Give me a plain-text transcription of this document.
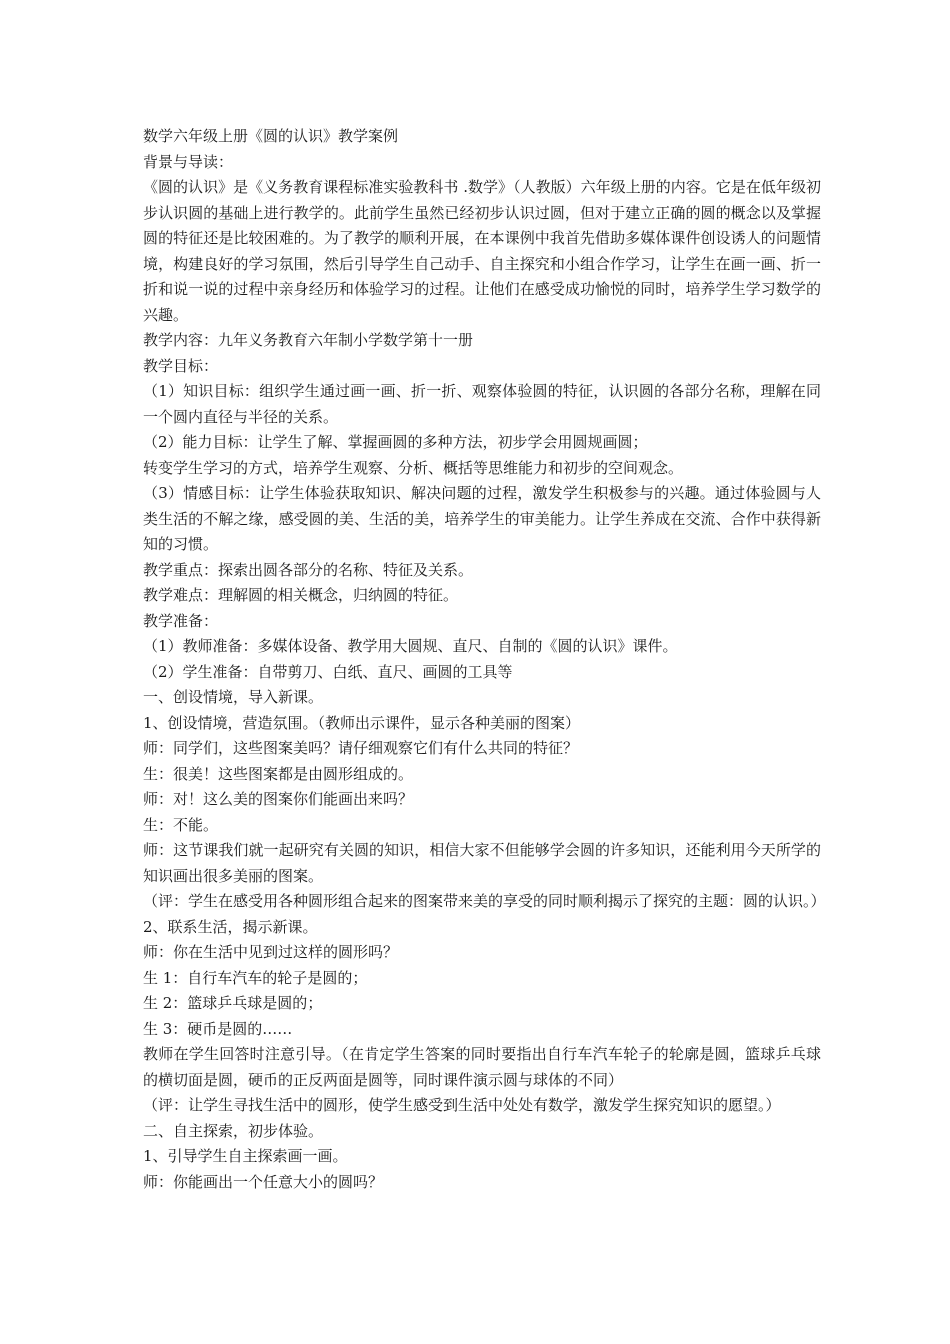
数学六年级上册《圆的认识》教学案例

背景与导读：

《圆的认识》是《义务教育课程标准实验教科书 .数学》（人教版）六年级上册的内容。它是在低年级初步认识圆的基础上进行教学的。此前学生虽然已经初步认识过圆，但对于建立正确的圆的概念以及掌握圆的特征还是比较困难的。为了教学的顺利开展，在本课例中我首先借助多媒体课件创设诱人的问题情境，构建良好的学习氛围，然后引导学生自己动手、自主探究和小组合作学习，让学生在画一画、折一折和说一说的过程中亲身经历和体验学习的过程。让他们在感受成功愉悦的同时，培养学生学习数学的兴趣。

教学内容：九年义务教育六年制小学数学第十一册

教学目标：

（1）知识目标：组织学生通过画一画、折一折、观察体验圆的特征，认识圆的各部分名称，理解在同一个圆内直径与半径的关系。

（2）能力目标：让学生了解、掌握画圆的多种方法，初步学会用圆规画圆；

转变学生学习的方式，培养学生观察、分析、概括等思维能力和初步的空间观念。

（3）情感目标：让学生体验获取知识、解决问题的过程，激发学生积极参与的兴趣。通过体验圆与人类生活的不解之缘，感受圆的美、生活的美，培养学生的审美能力。让学生养成在交流、合作中获得新知的习惯。

教学重点：探索出圆各部分的名称、特征及关系。

教学难点：理解圆的相关概念，归纳圆的特征。

教学准备：

（1）教师准备：多媒体设备、教学用大圆规、直尺、自制的《圆的认识》课件。

（2）学生准备：自带剪刀、白纸、直尺、画圆的工具等

一、创设情境，导入新课。

1、创设情境，营造氛围。（教师出示课件，显示各种美丽的图案）

师：同学们，这些图案美吗？请仔细观察它们有什么共同的特征？

生：很美！这些图案都是由圆形组成的。

师：对！这么美的图案你们能画出来吗？

生：不能。

师：这节课我们就一起研究有关圆的知识，相信大家不但能够学会圆的许多知识，还能利用今天所学的知识画出很多美丽的图案。

（评：学生在感受用各种圆形组合起来的图案带来美的享受的同时顺利揭示了探究的主题：圆的认识。）

2、联系生活，揭示新课。

师：你在生活中见到过这样的圆形吗？

生 1：自行车汽车的轮子是圆的；

生 2：篮球乒乓球是圆的；

生 3：硬币是圆的……

教师在学生回答时注意引导。（在肯定学生答案的同时要指出自行车汽车轮子的轮廓是圆，篮球乒乓球的横切面是圆，硬币的正反两面是圆等，同时课件演示圆与球体的不同）

（评：让学生寻找生活中的圆形，使学生感受到生活中处处有数学，激发学生探究知识的愿望。）

二、自主探索，初步体验。

1、引导学生自主探索画一画。

师：你能画出一个任意大小的圆吗？
